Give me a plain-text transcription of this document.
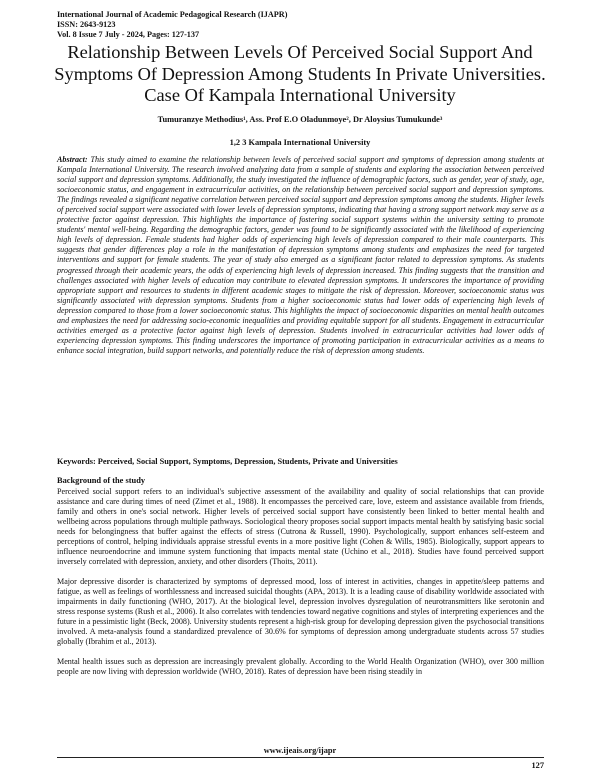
International Journal of Academic Pedagogical Research (IJAPR)
ISSN: 2643-9123
Vol. 8 Issue 7 July - 2024, Pages: 127-137
Relationship Between Levels Of Perceived Social Support And Symptoms Of Depression Among Students In Private Universities. Case Of Kampala International University
Tumuranzye Methodius¹, Ass. Prof E.O Oladunmoye², Dr Aloysius Tumukunde³
1,2 3 Kampala International University
Abstract: This study aimed to examine the relationship between levels of perceived social support and symptoms of depression among students at Kampala International University. The research involved analyzing data from a sample of students and exploring the association between perceived social support and depression symptoms. Additionally, the study investigated the influence of demographic factors, such as gender, year of study, age, socioeconomic status, and engagement in extracurricular activities, on the relationship between perceived social support and depression symptoms. The findings revealed a significant negative correlation between perceived social support and depression symptoms among the students. Higher levels of perceived social support were associated with lower levels of depression symptoms, indicating that having a strong support network may serve as a protective factor against depression. This highlights the importance of fostering social support systems within the university setting to promote students' mental well-being. Regarding the demographic factors, gender was found to be significantly associated with the likelihood of experiencing high levels of depression. Female students had higher odds of experiencing high levels of depression compared to their male counterparts. This suggests that gender differences play a role in the manifestation of depression symptoms among students and emphasizes the need for targeted interventions and support for female students. The year of study also emerged as a significant factor related to depression symptoms. As students progressed through their academic years, the odds of experiencing high levels of depression increased. This finding suggests that the transition and challenges associated with higher levels of education may contribute to elevated depression symptoms. It underscores the importance of providing appropriate support and resources to students in different academic stages to mitigate the risk of depression. Moreover, socioeconomic status was significantly associated with depression symptoms. Students from a higher socioeconomic status had lower odds of experiencing high levels of depression compared to those from a lower socioeconomic status. This highlights the impact of socioeconomic disparities on mental health outcomes and emphasizes the need for addressing socio-economic inequalities and providing equitable support for all students. Engagement in extracurricular activities emerged as a protective factor against high levels of depression. Students involved in extracurricular activities had lower odds of experiencing depression symptoms. This finding underscores the importance of promoting participation in extracurricular activities as a means to enhance social integration, build support networks, and potentially reduce the risk of depression among students.
Keywords: Perceived, Social Support, Symptoms, Depression, Students, Private and Universities
Background of the study

Perceived social support refers to an individual's subjective assessment of the availability and quality of social relationships that can provide assistance and care during times of need (Zimet et al., 1988). It encompasses the perceived care, love, esteem and assistance available from friends, family and others in one's social network. Higher levels of perceived social support have consistently been linked to better mental health and wellbeing across populations through multiple pathways. Sociological theory proposes social support impacts mental health by satisfying basic social needs for belongingness that buffer against the effects of stress (Cutrona & Russell, 1990). Psychologically, support enhances self-esteem and perceptions of control, helping individuals appraise stressful events in a more positive light (Cohen & Wills, 1985). Biologically, support appears to influence neuroendocrine and immune system functioning that impacts mental state (Uchino et al., 2018). Studies have found perceived support inversely correlated with depression, anxiety, and other disorders (Thoits, 2011).

Major depressive disorder is characterized by symptoms of depressed mood, loss of interest in activities, changes in appetite/sleep patterns and fatigue, as well as feelings of worthlessness and increased suicidal thoughts (APA, 2013). It is a leading cause of disability worldwide associated with impairments in daily functioning (WHO, 2017). At the biological level, depression involves dysregulation of neurotransmitters like serotonin and stress response systems (Rush et al., 2006). It also correlates with tendencies toward negative cognitions and styles of interpreting experiences and the future in a pessimistic light (Beck, 2008). University students represent a high-risk group for developing depression given the psychosocial transitions involved. A meta-analysis found a standardized prevalence of 30.6% for symptoms of depression among undergraduate students across 57 studies globally (Ibrahim et al., 2013).

Mental health issues such as depression are increasingly prevalent globally. According to the World Health Organization (WHO), over 300 million people are now living with depression worldwide (WHO, 2018). Rates of depression have been rising steadily in

www.ijeais.org/ijapr
127
